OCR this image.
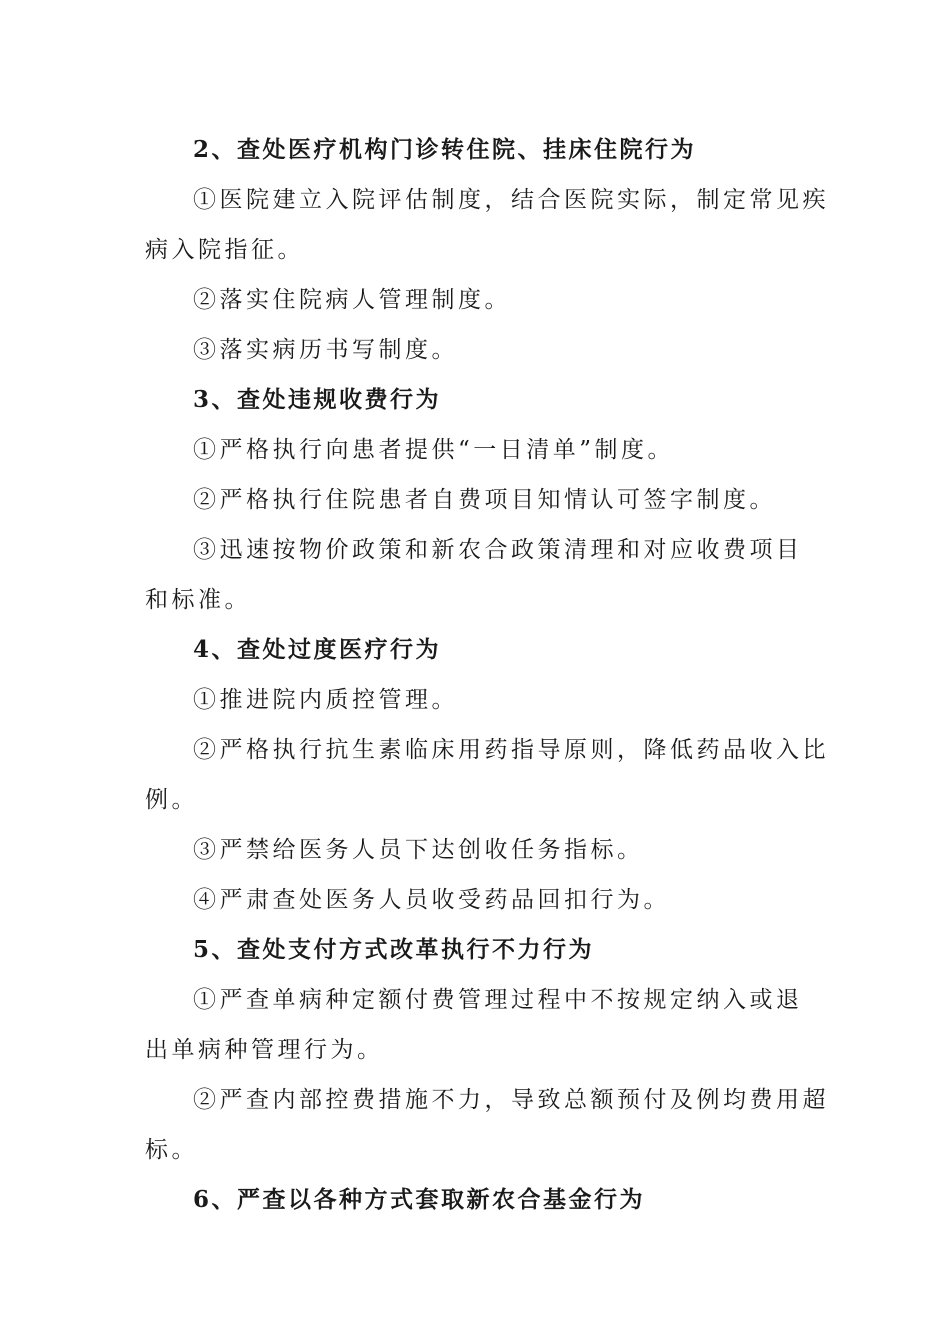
2、查处医疗机构门诊转住院、挂床住院行为
①医院建立入院评估制度，结合医院实际，制定常见疾
病入院指征。
②落实住院病人管理制度。
③落实病历书写制度。
3、查处违规收费行为
①严格执行向患者提供“一日清单”制度。
②严格执行住院患者自费项目知情认可签字制度。
③迅速按物价政策和新农合政策清理和对应收费项目
和标准。
4、查处过度医疗行为
①推进院内质控管理。
②严格执行抗生素临床用药指导原则，降低药品收入比
例。
③严禁给医务人员下达创收任务指标。
④严肃查处医务人员收受药品回扣行为。
5、查处支付方式改革执行不力行为
①严查单病种定额付费管理过程中不按规定纳入或退
出单病种管理行为。
②严查内部控费措施不力，导致总额预付及例均费用超
标。
6、严查以各种方式套取新农合基金行为
